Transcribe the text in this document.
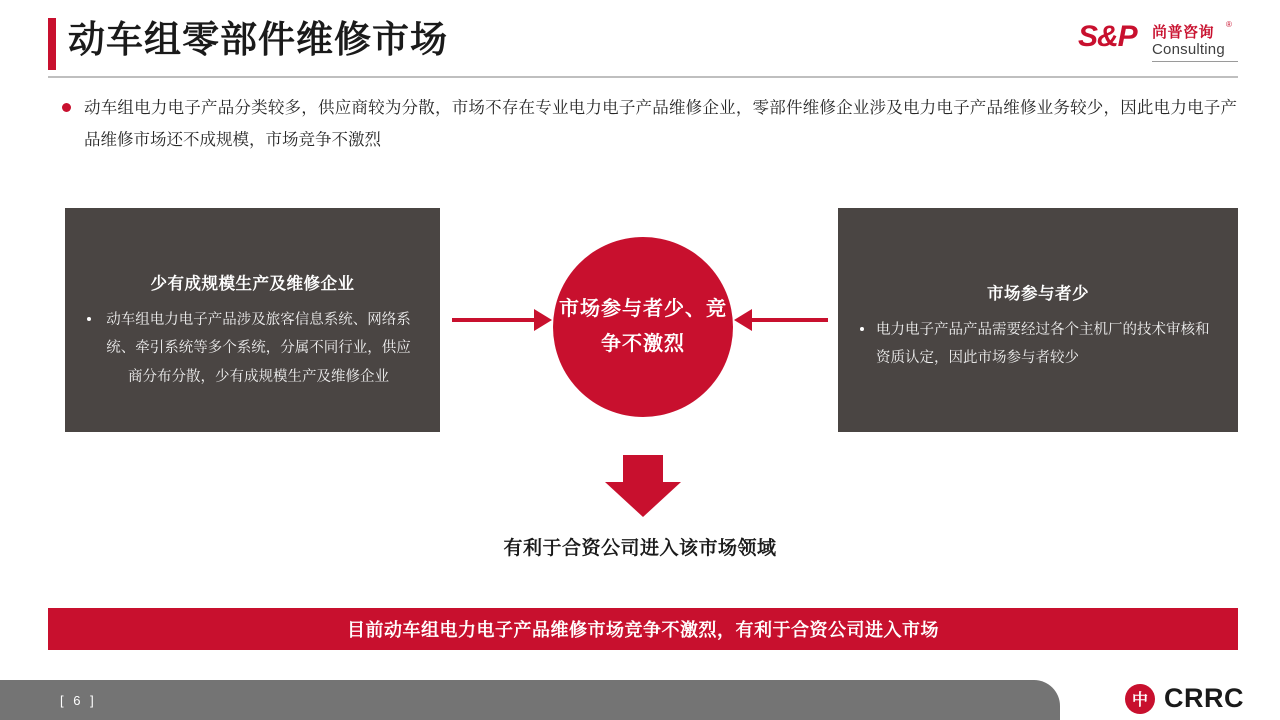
动车组零部件维修市场	S&P 尚普咨询 ®
Consulting
动车组电力电子产品分类较多，供应商较为分散，市场不存在专业电力电子产品维修企业，零部件维修企业涉及电力电子产品维修业务较少，因此电力电子产品维修市场还不成规模，市场竞争不激烈
少有成规模生产及维修企业
动车组电力电子产品涉及旅客信息系统、网络系统、牵引系统等多个系统，分属不同行业，供应商分布分散，少有成规模生产及维修企业
市场参与者少、竞争不激烈
市场参与者少
电力电子产品产品需要经过各个主机厂的技术审核和资质认定，因此市场参与者较少
有利于合资公司进入该市场领域
目前动车组电力电子产品维修市场竞争不激烈，有利于合资公司进入市场
[ 6 ]	中 CRRC
